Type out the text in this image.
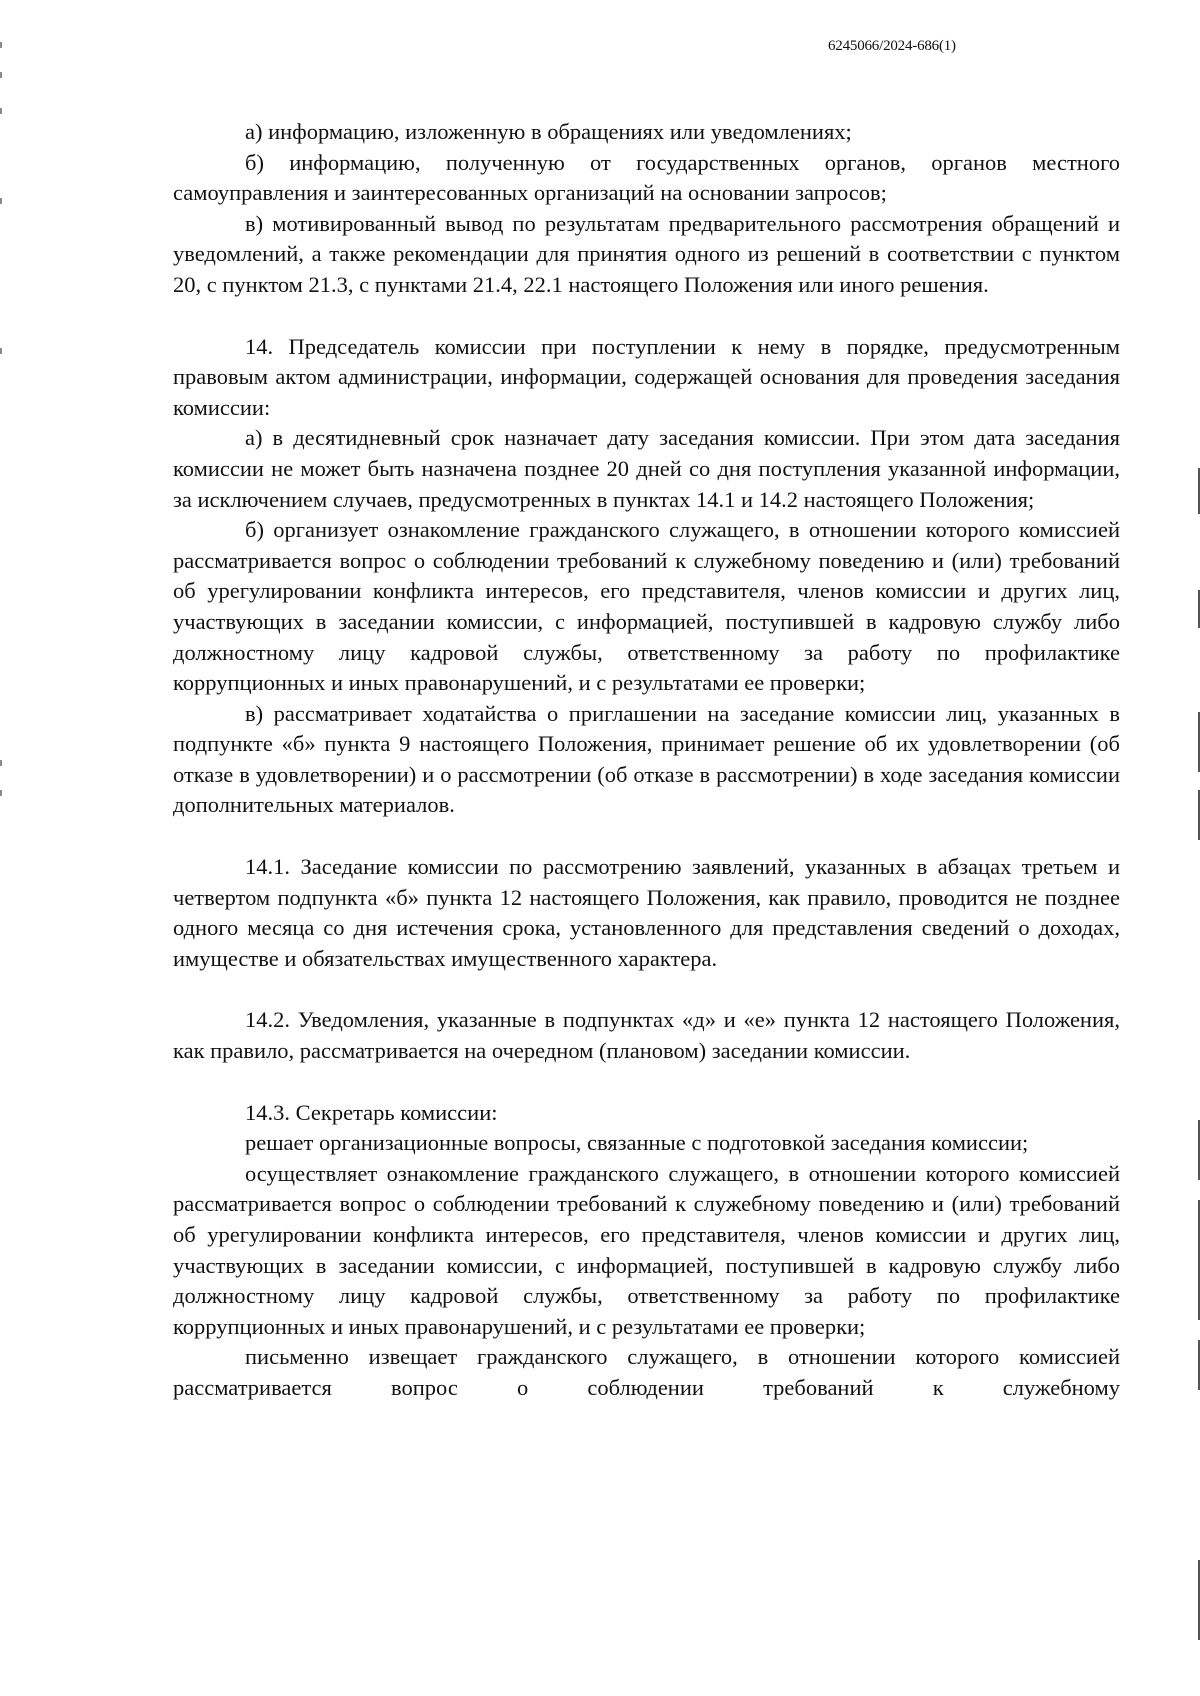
6245066/2024-686(1)

а) информацию, изложенную в обращениях или уведомлениях;

б) информацию, полученную от государственных органов, органов местного самоуправления и заинтересованных организаций на основании запросов;

в) мотивированный вывод по результатам предварительного рассмотрения обращений и уведомлений, а также рекомендации для принятия одного из решений в соответствии с пунктом 20, с пунктом 21.3, с пунктами 21.4, 22.1 настоящего Положения или иного решения.

14. Председатель комиссии при поступлении к нему в порядке, предусмотренным правовым актом администрации, информации, содержащей основания для проведения заседания комиссии:

а) в десятидневный срок назначает дату заседания комиссии. При этом дата заседания комиссии не может быть назначена позднее 20 дней со дня поступления указанной информации, за исключением случаев, предусмотренных в пунктах 14.1 и 14.2 настоящего Положения;

б) организует ознакомление гражданского служащего, в отношении которого комиссией рассматривается вопрос о соблюдении требований к служебному поведению и (или) требований об урегулировании конфликта интересов, его представителя, членов комиссии и других лиц, участвующих в заседании комиссии, с информацией, поступившей в кадровую службу либо должностному лицу кадровой службы, ответственному за работу по профилактике коррупционных и иных правонарушений, и с результатами ее проверки;

в) рассматривает ходатайства о приглашении на заседание комиссии лиц, указанных в подпункте «б» пункта 9 настоящего Положения, принимает решение об их удовлетворении (об отказе в удовлетворении) и о рассмотрении (об отказе в рассмотрении) в ходе заседания комиссии дополнительных материалов.

14.1. Заседание комиссии по рассмотрению заявлений, указанных в абзацах третьем и четвертом подпункта «б» пункта 12 настоящего Положения, как правило, проводится не позднее одного месяца со дня истечения срока, установленного для представления сведений о доходах, имуществе и обязательствах имущественного характера.

14.2. Уведомления, указанные в подпунктах «д» и «е» пункта 12 настоящего Положения, как правило, рассматривается на очередном (плановом) заседании комиссии.

14.3. Секретарь комиссии:

решает организационные вопросы, связанные с подготовкой заседания комиссии;

осуществляет ознакомление гражданского служащего, в отношении которого комиссией рассматривается вопрос о соблюдении требований к служебному поведению и (или) требований об урегулировании конфликта интересов, его представителя, членов комиссии и других лиц, участвующих в заседании комиссии, с информацией, поступившей в кадровую службу либо должностному лицу кадровой службы, ответственному за работу по профилактике коррупционных и иных правонарушений, и с результатами ее проверки;

письменно извещает гражданского служащего, в отношении которого комиссией рассматривается вопрос о соблюдении требований к служебному
